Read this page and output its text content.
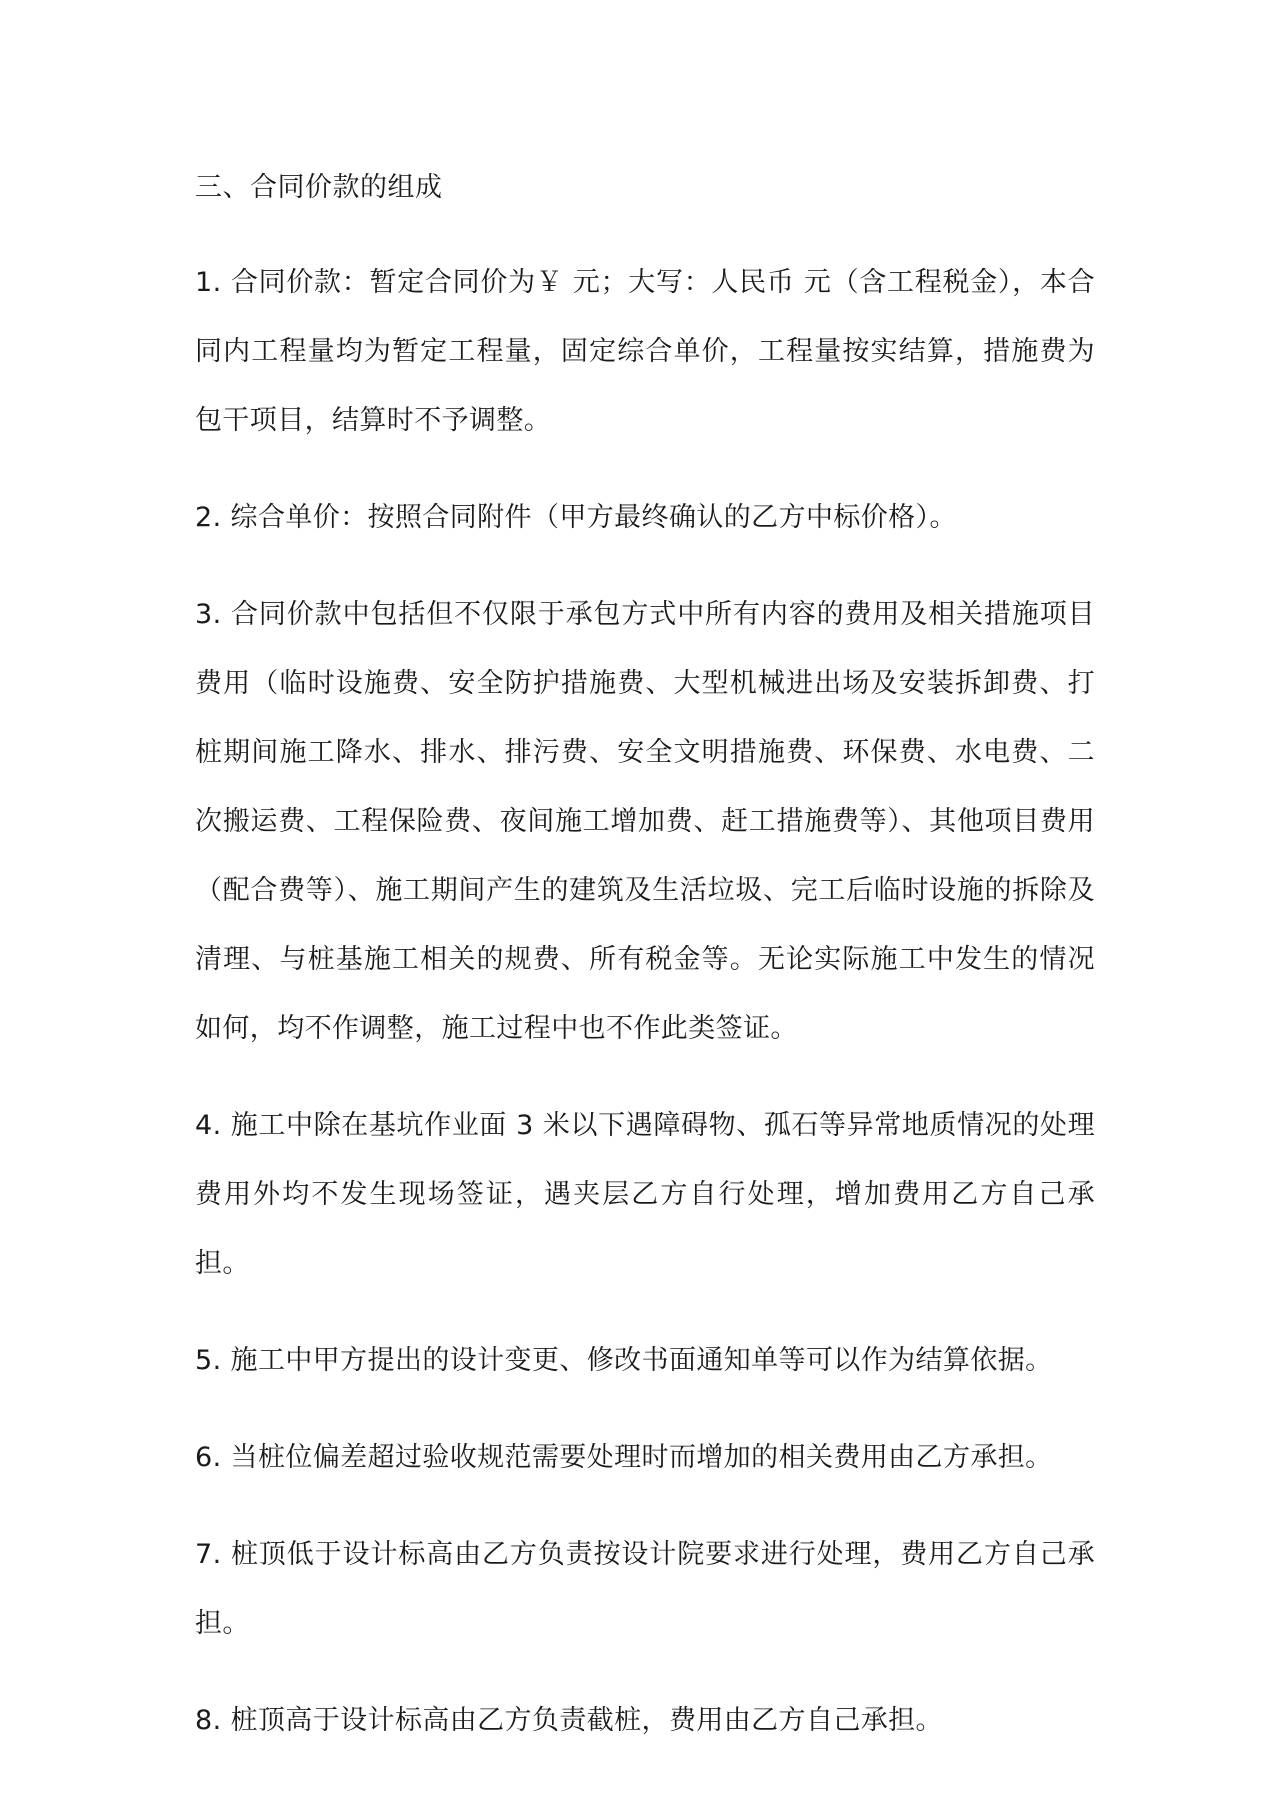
三、合同价款的组成

1. 合同价款：暂定合同价为￥ 元；大写：人民币 元（含工程税金），本合同内工程量均为暂定工程量，固定综合单价，工程量按实结算，措施费为包干项目，结算时不予调整。

2. 综合单价：按照合同附件（甲方最终确认的乙方中标价格）。

3. 合同价款中包括但不仅限于承包方式中所有内容的费用及相关措施项目费用（临时设施费、安全防护措施费、大型机械进出场及安装拆卸费、打桩期间施工降水、排水、排污费、安全文明措施费、环保费、水电费、二次搬运费、工程保险费、夜间施工增加费、赶工措施费等）、其他项目费用（配合费等）、施工期间产生的建筑及生活垃圾、完工后临时设施的拆除及清理、与桩基施工相关的规费、所有税金等。无论实际施工中发生的情况如何，均不作调整，施工过程中也不作此类签证。

4. 施工中除在基坑作业面 3 米以下遇障碍物、孤石等异常地质情况的处理费用外均不发生现场签证，遇夹层乙方自行处理，增加费用乙方自己承担。

5. 施工中甲方提出的设计变更、修改书面通知单等可以作为结算依据。

6. 当桩位偏差超过验收规范需要处理时而增加的相关费用由乙方承担。

7. 桩顶低于设计标高由乙方负责按设计院要求进行处理，费用乙方自己承担。

8. 桩顶高于设计标高由乙方负责截桩，费用由乙方自己承担。
